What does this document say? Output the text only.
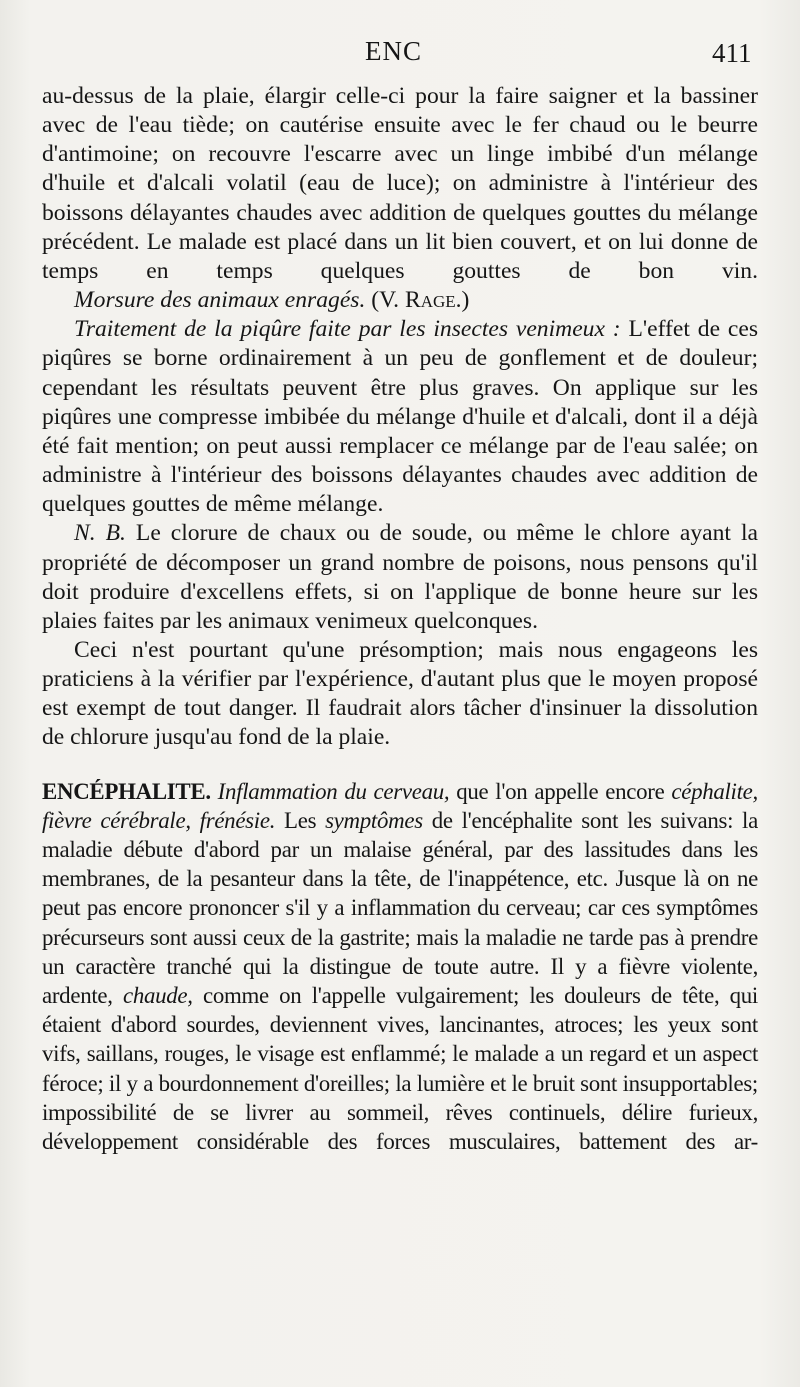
ENC	411

au-dessus de la plaie, élargir celle-ci pour la faire saigner et la bassiner avec de l'eau tiède; on cautérise ensuite avec le fer chaud ou le beurre d'antimoine; on recouvre l'escarre avec un linge imbibé d'un mélange d'huile et d'alcali volatil (eau de luce); on administre à l'intérieur des boissons délayantes chaudes avec addition de quelques gouttes du mélange précédent. Le malade est placé dans un lit bien couvert, et on lui donne de temps en temps quelques gouttes de bon vin.

Morsure des animaux enragés. (V. Rage.)

Traitement de la piqûre faite par les insectes venimeux : L'effet de ces piqûres se borne ordinairement à un peu de gonflement et de douleur; cependant les résultats peuvent être plus graves. On applique sur les piqûres une compresse imbibée du mélange d'huile et d'alcali, dont il a déjà été fait mention; on peut aussi remplacer ce mélange par de l'eau salée; on administre à l'intérieur des boissons délayantes chaudes avec addition de quelques gouttes de même mélange.

N. B. Le clorure de chaux ou de soude, ou même le chlore ayant la propriété de décomposer un grand nombre de poisons, nous pensons qu'il doit produire d'excellens effets, si on l'applique de bonne heure sur les plaies faites par les animaux venimeux quelconques.

Ceci n'est pourtant qu'une présomption; mais nous engageons les praticiens à la vérifier par l'expérience, d'autant plus que le moyen proposé est exempt de tout danger. Il faudrait alors tâcher d'insinuer la dissolution de chlorure jusqu'au fond de la plaie.

ENCÉPHALITE. Inflammation du cerveau, que l'on appelle encore céphalite, fièvre cérébrale, frénésie. Les symptômes de l'encéphalite sont les suivans: la maladie débute d'abord par un malaise général, par des lassitudes dans les membranes, de la pesanteur dans la tête, de l'inappétence, etc. Jusque là on ne peut pas encore prononcer s'il y a inflammation du cerveau; car ces symptômes précurseurs sont aussi ceux de la gastrite; mais la maladie ne tarde pas à prendre un caractère tranché qui la distingue de toute autre. Il y a fièvre violente, ardente, chaude, comme on l'appelle vulgairement; les douleurs de tête, qui étaient d'abord sourdes, deviennent vives, lancinantes, atroces; les yeux sont vifs, saillans, rouges, le visage est enflammé; le malade a un regard et un aspect féroce; il y a bourdonnement d'oreilles; la lumière et le bruit sont insupportables; impossibilité de se livrer au sommeil, rêves continuels, délire furieux, développement considérable des forces musculaires, battement des ar-
